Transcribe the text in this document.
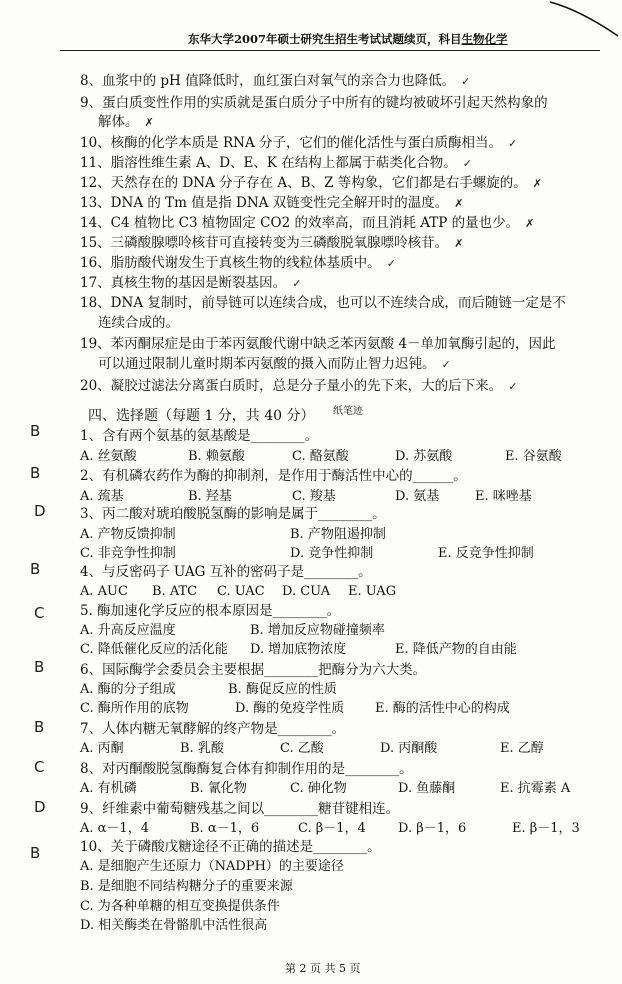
东华大学2007年硕士研究生招生考试试题续页，科目生物化学
8、血浆中的 pH 值降低时，血红蛋白对氧气的亲合力也降低。 ✓
9、蛋白质变性作用的实质就是蛋白质分子中所有的键均被破坏引起天然构象的
解体。 ✗
10、核酶的化学本质是 RNA 分子，它们的催化活性与蛋白质酶相当。 ✓
11、脂溶性维生素 A、D、E、K 在结构上都属于萜类化合物。 ✓
12、天然存在的 DNA 分子存在 A、B、Z 等构象，它们都是右手螺旋的。 ✗
13、DNA 的 Tm 值是指 DNA 双链变性完全解开时的温度。 ✗
14、C4 植物比 C3 植物固定 CO2 的效率高，而且消耗 ATP 的量也少。 ✗
15、三磷酸腺嘌呤核苷可直接转变为三磷酸脱氧腺嘌呤核苷。 ✗
16、脂肪酸代谢发生于真核生物的线粒体基质中。 ✓
17、真核生物的基因是断裂基因。 ✓
18、DNA 复制时，前导链可以连续合成，也可以不连续合成，而后随链一定是不
连续合成的。
19、苯丙酮尿症是由于苯丙氨酸代谢中缺乏苯丙氨酸 4－单加氧酶引起的，因此
可以通过限制儿童时期苯丙氨酸的摄入而防止智力迟钝。 ✓
20、凝胶过滤法分离蛋白质时，总是分子量小的先下来，大的后下来。 ✓
四、选择题（每题 1 分，共 40 分） $^{纸笔迹}$
B	1、含有两个氨基的氨基酸是________。
A. 丝氨酸	B. 赖氨酸	C. 酪氨酸	D. 苏氨酸	E. 谷氨酸
B	2、有机磷农药作为酶的抑制剂，是作用于酶活性中心的______。
A. 巯基	B. 羟基	C. 羧基	D. 氨基	E. 咪唑基
D	3、丙二酸对琥珀酸脱氢酶的影响是属于________。
A. 产物反馈抑制	B. 产物阻遏抑制
C. 非竞争性抑制	D. 竞争性抑制	E. 反竞争性抑制
B	4、与反密码子 UAG 互补的密码子是________。
A. AUC B. ATC C. UAC D. CUA E. UAG
C	5. 酶加速化学反应的根本原因是________。
A. 升高反应温度	B. 增加反应物碰撞频率
C. 降低催化反应的活化能 D. 增加底物浓度	E. 降低产物的自由能
B	6、国际酶学会委员会主要根据________把酶分为六大类。
A. 酶的分子组成	B. 酶促反应的性质
C. 酶所作用的底物	D. 酶的免疫学性质 E. 酶的活性中心的构成
B	7、人体内糖无氧酵解的终产物是________。
A. 丙酮	B. 乳酸	C. 乙酸	D. 丙酮酸	E. 乙醇
C	8、对丙酮酸脱氢酶酶复合体有抑制作用的是________。
A. 有机磷	B. 氰化物	C. 砷化物	D. 鱼藤酮	E. 抗霉素 A
D	9、纤维素中葡萄糖残基之间以________糖苷键相连。
A. α－1，4	B. α－1，6	C. β－1，4 D. β－1，6	E. β－1，3
B	10、关于磷酸戊糖途径不正确的描述是________。
A. 是细胞产生还原力（NADPH）的主要途径
B. 是细胞不同结构糖分子的重要来源
C. 为各种单糖的相互变换提供条件
D. 相关酶类在骨骼肌中活性很高
第 2 页 共 5 页
